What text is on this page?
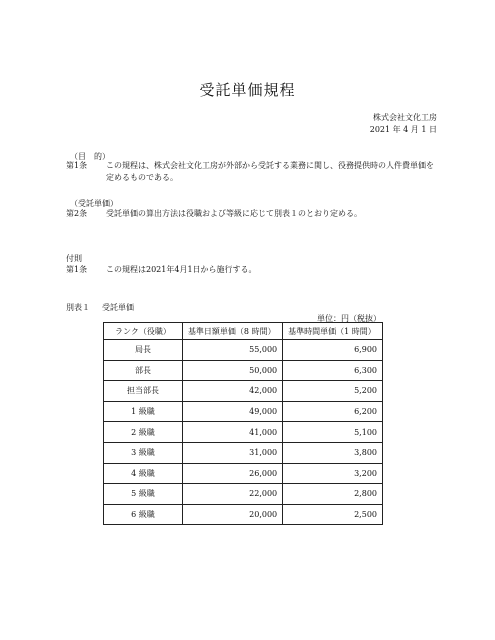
受託単価規程
株式会社文化工房
2021 年 4 月 1 日
（目　的）
第1条	この規程は、株式会社文化工房が外部から受託する業務に関し、役務提供時の人件費単価を定めるものである。
（受託単価）
第2条	受託単価の算出方法は役職および等級に応じて別表１のとおり定める。
付則
第1条	この規程は2021年4月1日から施行する。
別表１ 受託単価
単位：円（税抜）
ランク（役職）	基準日額単価（8 時間）	基準時間単価（1 時間）
局長	55,000	6,900
部長	50,000	6,300
担当部長	42,000	5,200
1 級職	49,000	6,200
2 級職	41,000	5,100
3 級職	31,000	3,800
4 級職	26,000	3,200
5 級職	22,000	2,800
6 級職	20,000	2,500
